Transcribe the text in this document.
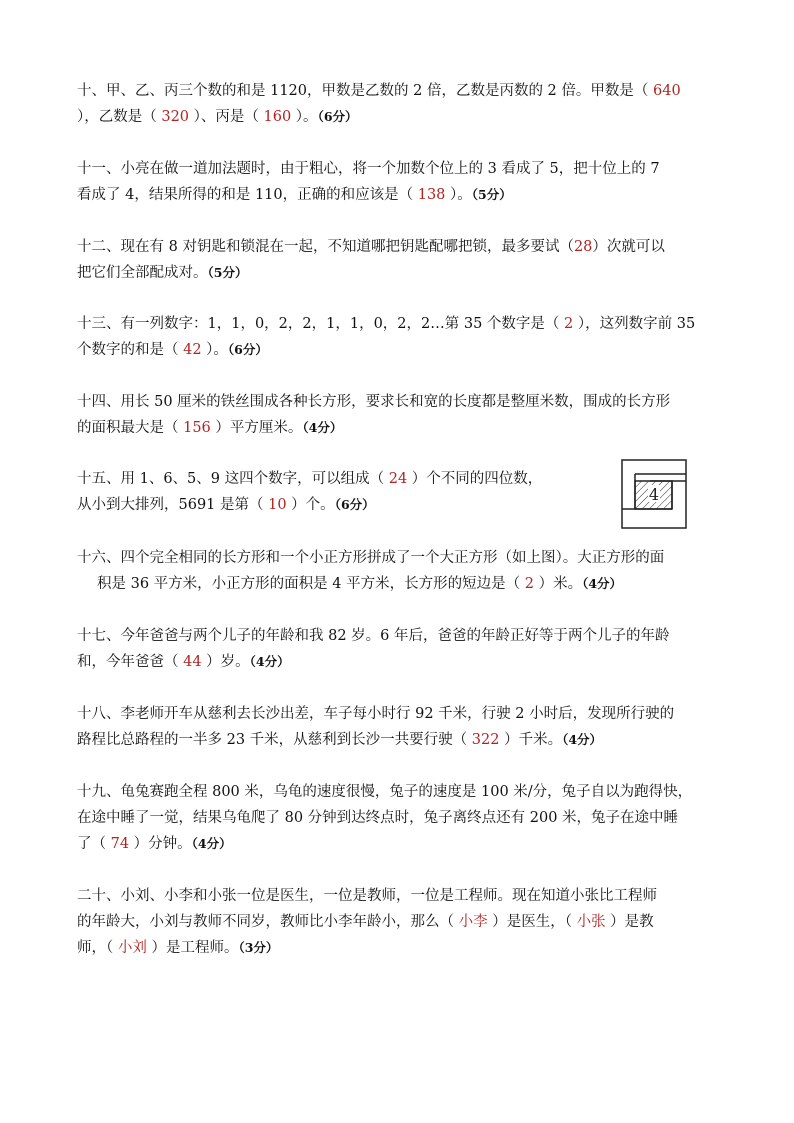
十、甲、乙、丙三个数的和是 1120，甲数是乙数的 2 倍，乙数是丙数的 2 倍。甲数是（ 640
），乙数是（ 320 ）、丙是（ 160 ）。（6分）

十一、小亮在做一道加法题时，由于粗心，将一个加数个位上的 3 看成了 5，把十位上的 7
看成了 4，结果所得的和是 110，正确的和应该是（ 138 ）。（5分）

十二、现在有 8 对钥匙和锁混在一起，不知道哪把钥匙配哪把锁，最多要试（28）次就可以
把它们全部配成对。（5分）

十三、有一列数字：1，1，0，2，2，1，1，0，2，2…第 35 个数字是（ 2 ），这列数字前 35
个数字的和是（ 42 ）。（6分）

十四、用长 50 厘米的铁丝围成各种长方形，要求长和宽的长度都是整厘米数，围成的长方形
的面积最大是（ 156 ）平方厘米。（4分）

十五、用 1、6、5、9 这四个数字，可以组成（ 24 ）个不同的四位数，
从小到大排列，5691 是第（ 10 ）个。（6分）

十六、四个完全相同的长方形和一个小正方形拼成了一个大正方形（如上图）。大正方形的面
积是 36 平方米，小正方形的面积是 4 平方米，长方形的短边是（ 2 ）米。（4分）

十七、今年爸爸与两个儿子的年龄和我 82 岁。6 年后，爸爸的年龄正好等于两个儿子的年龄
和，今年爸爸（ 44 ）岁。（4分）

十八、李老师开车从慈利去长沙出差，车子每小时行 92 千米，行驶 2 小时后，发现所行驶的
路程比总路程的一半多 23 千米，从慈利到长沙一共要行驶（ 322 ）千米。（4分）

十九、龟兔赛跑全程 800 米，乌龟的速度很慢，兔子的速度是 100 米/分，兔子自以为跑得快，
在途中睡了一觉，结果乌龟爬了 80 分钟到达终点时，兔子离终点还有 200 米，兔子在途中睡
了（ 74 ）分钟。（4分）

二十、小刘、小李和小张一位是医生，一位是教师，一位是工程师。现在知道小张比工程师
的年龄大，小刘与教师不同岁，教师比小李年龄小，那么（ 小李 ）是医生，（ 小张 ）是教
师，（ 小刘 ）是工程师。（3分）

4
